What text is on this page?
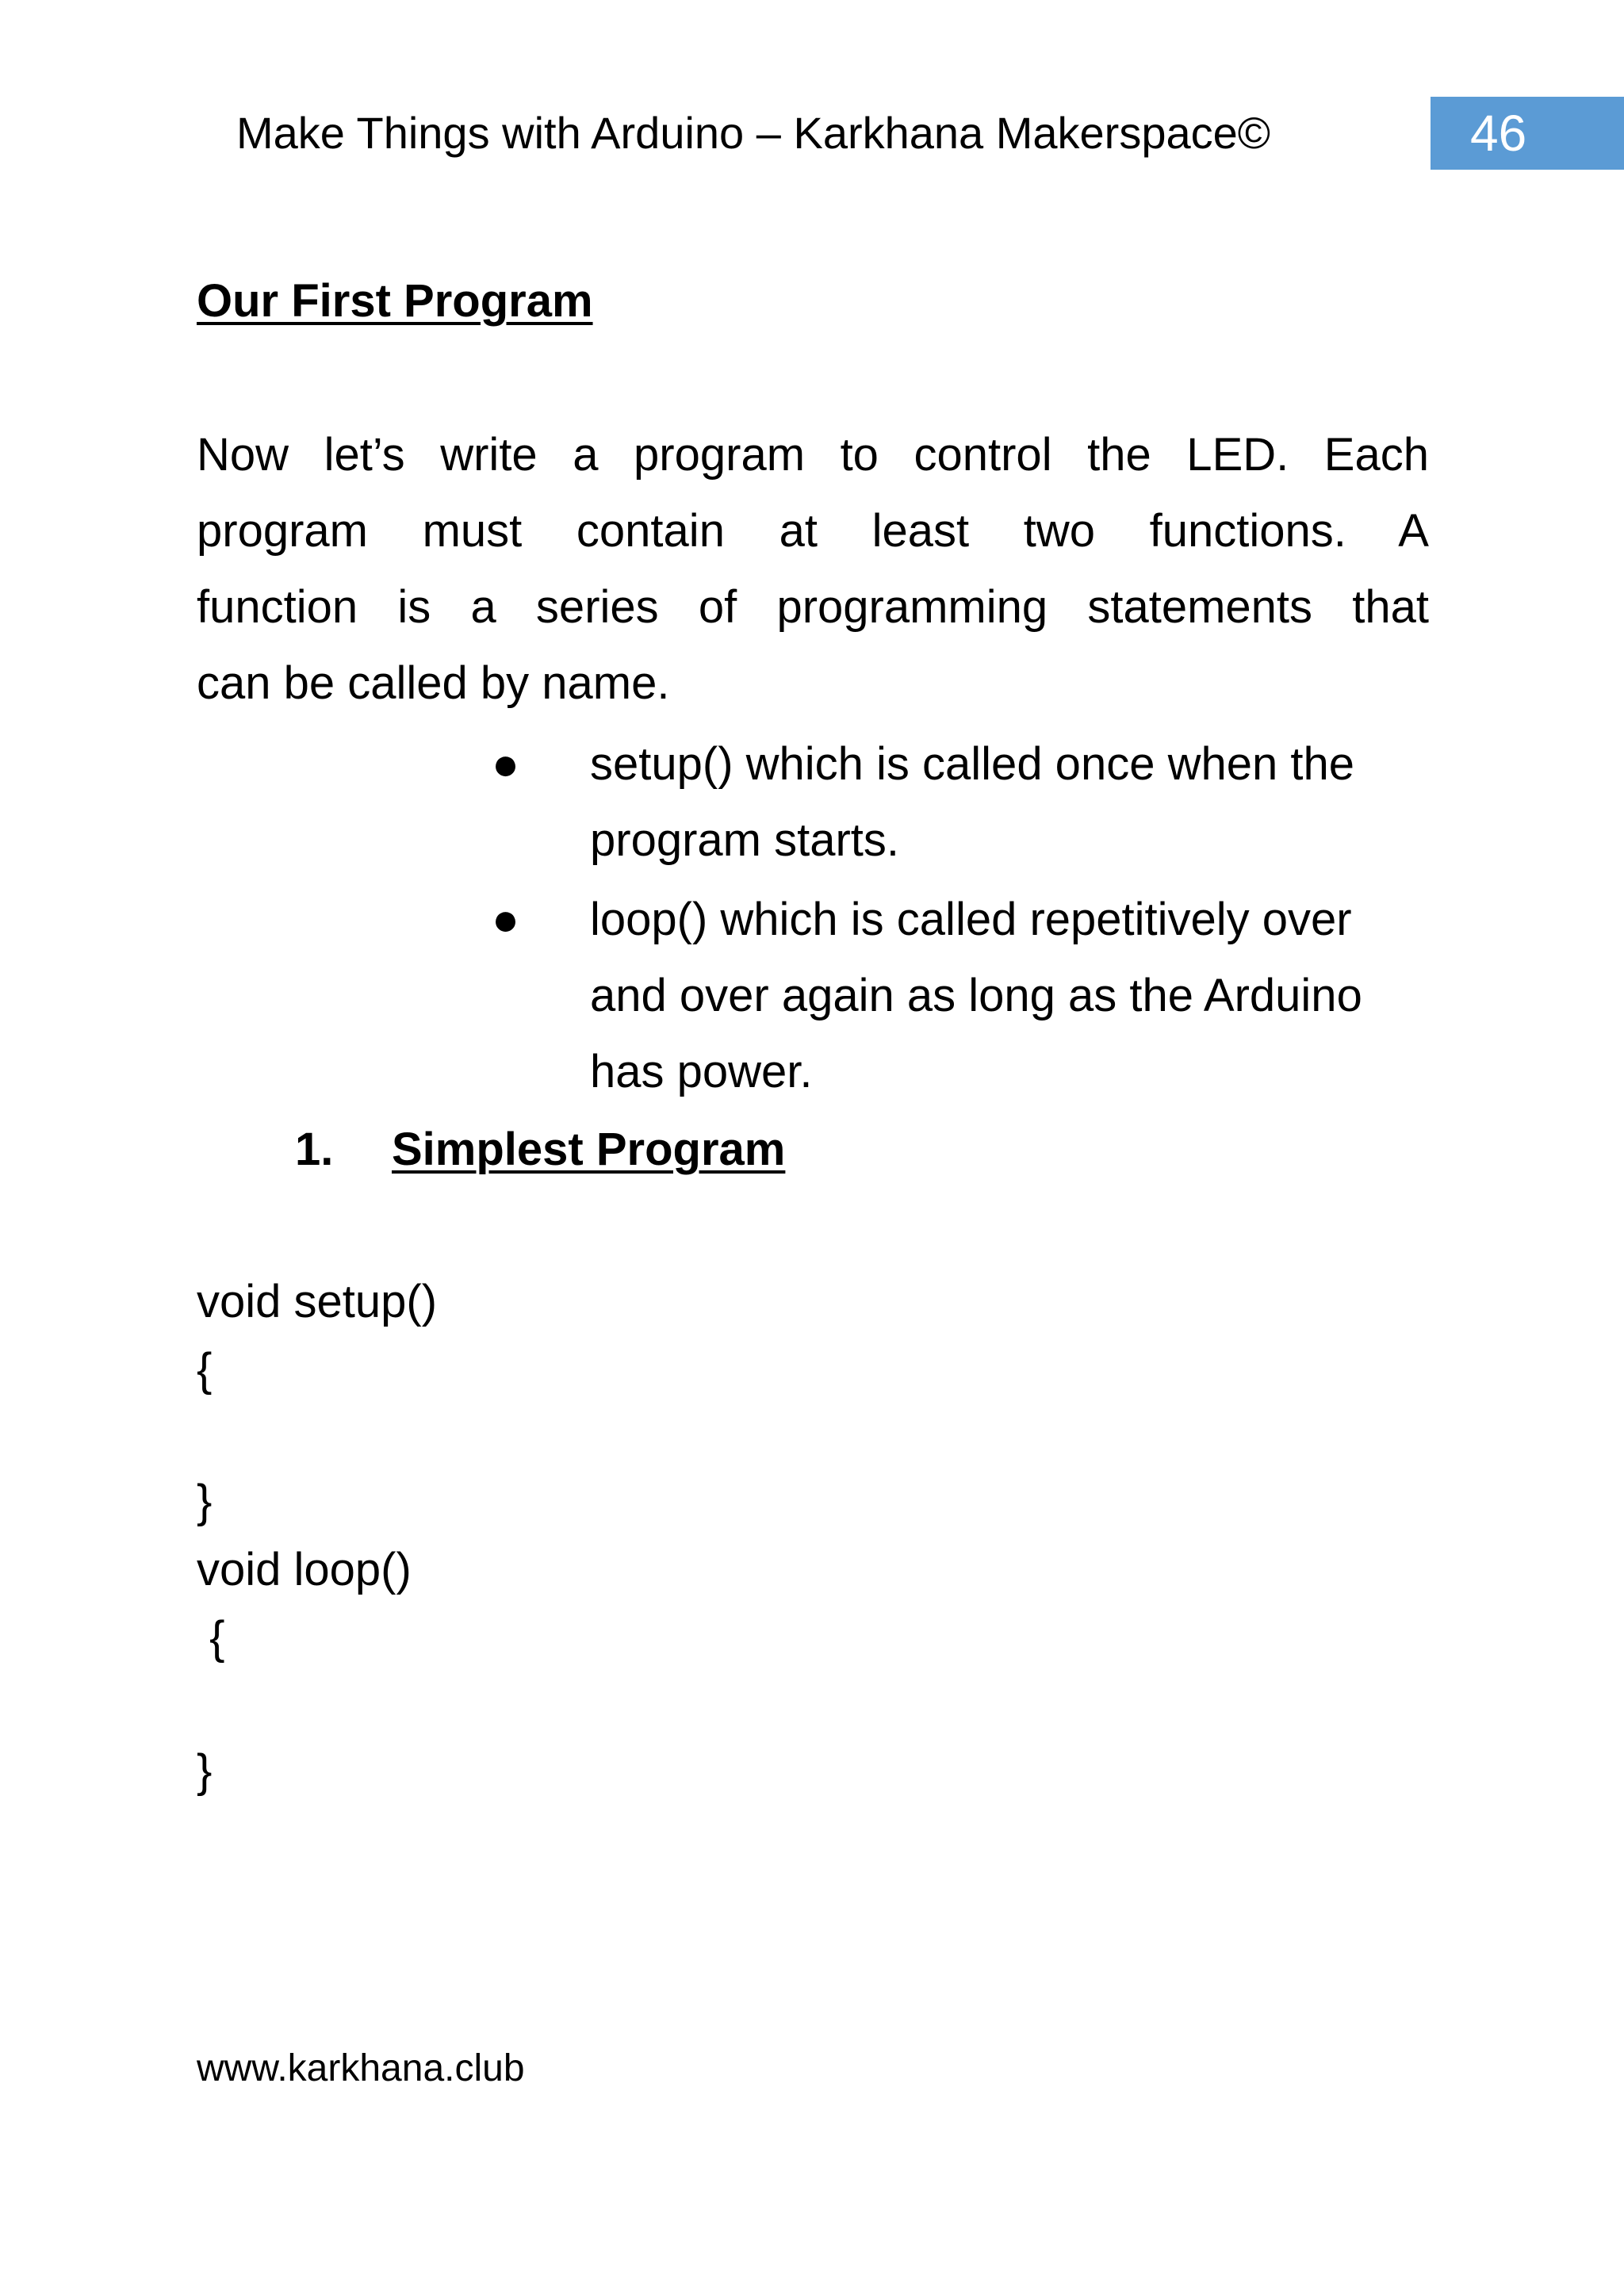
Make Things with Arduino – Karkhana Makerspace©	46
Our First Program
Now let’s write a program to control the LED. Each
program must contain at least two functions. A
function is a series of programming statements that
can be called by name.
● setup() which is called once when the
program starts.
● loop() which is called repetitively over
and over again as long as the Arduino
has power.
1. Simplest Program
void setup()
{
}
void loop()
{
}
www.karkhana.club
